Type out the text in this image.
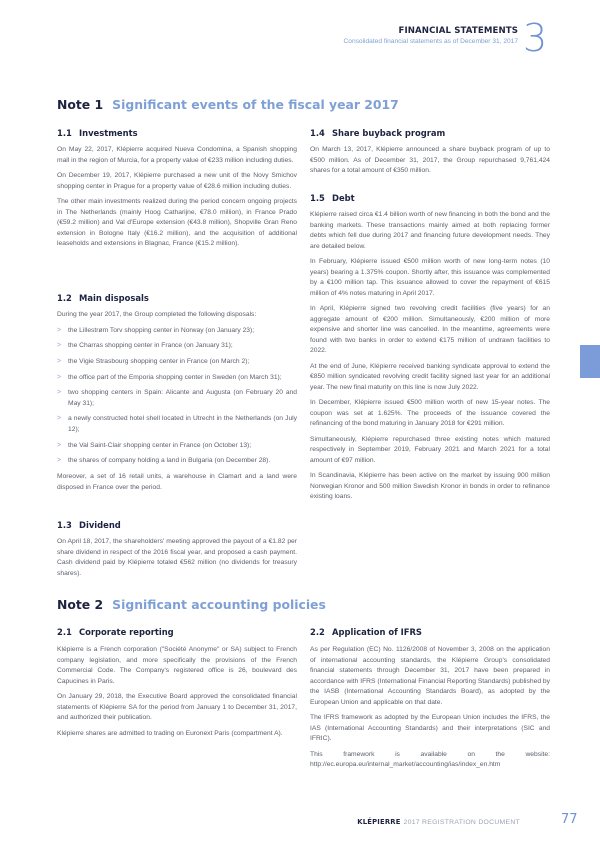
FINANCIAL STATEMENTS
Consolidated financial statements as of December 31, 2017 3
Note 1 Significant events of the fiscal year 2017
1.1 Investments

On May 22, 2017, Klépierre acquired Nueva Condomina, a Spanish shopping mall in the region of Murcia, for a property value of €233 million including duties.

On December 19, 2017, Klépierre purchased a new unit of the Novy Smichov shopping center in Prague for a property value of €28.6 million including duties.

The other main investments realized during the period concern ongoing projects in The Netherlands (mainly Hoog Catharijne, €78.0 million), in France Prado (€59.2 million) and Val d'Europe extension (€43.8 million), Shopville Gran Reno extension in Bologne Italy (€16.2 million), and the acquisition of additional leaseholds and extensions in Blagnac, France (€15.2 million).

1.2 Main disposals

During the year 2017, the Group completed the following disposals:

> the Lillestrøm Torv shopping center in Norway (on January 23);
> the Charras shopping center in France (on January 31);
> the Vigie Strasbourg shopping center in France (on March 2);
> the office part of the Emporia shopping center in Sweden (on March 31);
> two shopping centers in Spain: Alicante and Augusta (on February 20 and May 31);
> a newly constructed hotel shell located in Utrecht in the Netherlands (on July 12);
> the Val Saint-Clair shopping center in France (on October 13);
> the shares of company holding a land in Bulgaria (on December 28).

Moreover, a set of 16 retail units, a warehouse in Clamart and a land were disposed in France over the period.

1.3 Dividend

On April 18, 2017, the shareholders' meeting approved the payout of a €1.82 per share dividend in respect of the 2016 fiscal year, and proposed a cash payment. Cash dividend paid by Klépierre totaled €562 million (no dividends for treasury shares).

1.4 Share buyback program

On March 13, 2017, Klépierre announced a share buyback program of up to €500 million. As of December 31, 2017, the Group repurchased 9,761,424 shares for a total amount of €350 million.

1.5 Debt

Klépierre raised circa €1.4 billion worth of new financing in both the bond and the banking markets. These transactions mainly aimed at both replacing former debts which fell due during 2017 and financing future development needs. They are detailed below.

In February, Klépierre issued €500 million worth of new long-term notes (10 years) bearing a 1.375% coupon. Shortly after, this issuance was complemented by a €100 million tap. This issuance allowed to cover the repayment of €615 million of 4% notes maturing in April 2017.

In April, Klépierre signed two revolving credit facilities (five years) for an aggregate amount of €200 million. Simultaneously, €200 million of more expensive and shorter line was cancelled. In the meantime, agreements were found with two banks in order to extend €175 million of undrawn facilities to 2022.

At the end of June, Klépierre received banking syndicate approval to extend the €850 million syndicated revolving credit facility signed last year for an additional year. The new final maturity on this line is now July 2022.

In December, Klépierre issued €500 million worth of new 15-year notes. The coupon was set at 1.625%. The proceeds of the issuance covered the refinancing of the bond maturing in January 2018 for €291 million.

Simultaneously, Klépierre repurchased three existing notes which matured respectively in September 2019, February 2021 and March 2021 for a total amount of €97 million.

In Scandinavia, Klépierre has been active on the market by issuing 900 million Norwegian Kronor and 500 million Swedish Kronor in bonds in order to refinance existing loans.

Note 2 Significant accounting policies
2.1 Corporate reporting

Klépierre is a French corporation ("Société Anonyme" or SA) subject to French company legislation, and more specifically the provisions of the French Commercial Code. The Company's registered office is 26, boulevard des Capucines in Paris.

On January 29, 2018, the Executive Board approved the consolidated financial statements of Klépierre SA for the period from January 1 to December 31, 2017, and authorized their publication.

Klépierre shares are admitted to trading on Euronext Paris (compartment A).

2.2 Application of IFRS

As per Regulation (EC) No. 1126/2008 of November 3, 2008 on the application of international accounting standards, the Klépierre Group's consolidated financial statements through December 31, 2017 have been prepared in accordance with IFRS (International Financial Reporting Standards) published by the IASB (International Accounting Standards Board), as adopted by the European Union and applicable on that date.

The IFRS framework as adopted by the European Union includes the IFRS, the IAS (International Accounting Standards) and their interpretations (SIC and IFRIC).

This framework is available on the website: http://ec.europa.eu/internal_market/accounting/ias/index_en.htm

KLÉPIERRE 2017 REGISTRATION DOCUMENT	77
